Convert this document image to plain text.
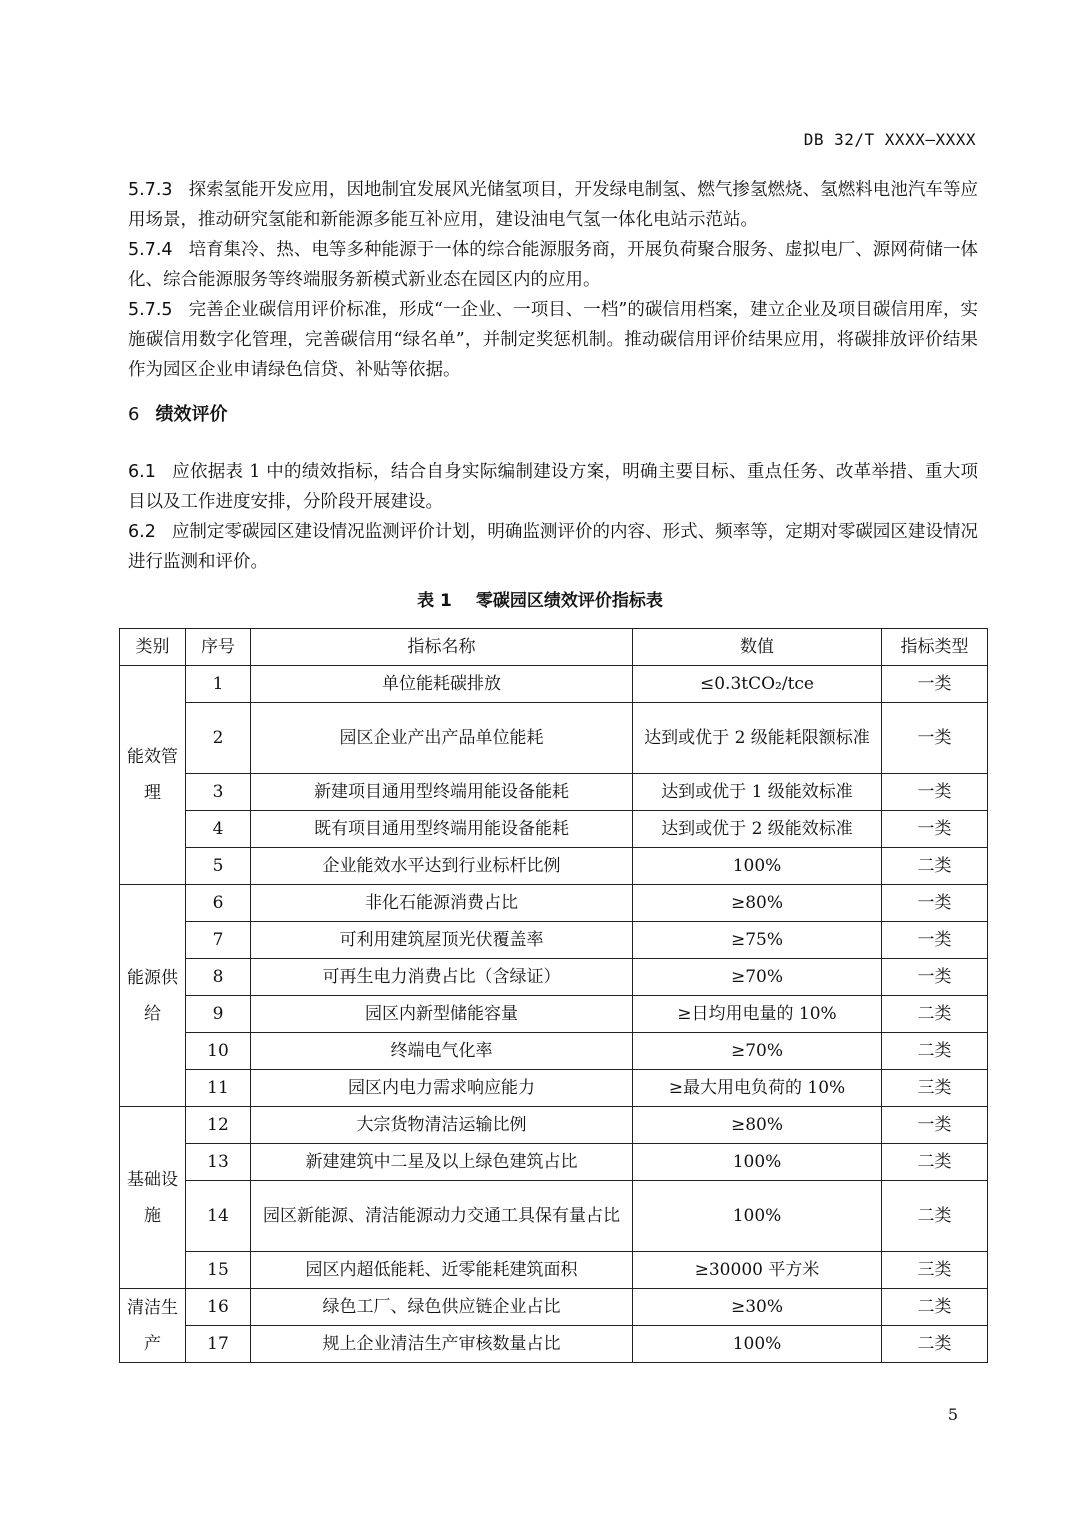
DB 32/T XXXX—XXXX

5.7.3 探索氢能开发应用，因地制宜发展风光储氢项目，开发绿电制氢、燃气掺氢燃烧、氢燃料电池汽车等应用场景，推动研究氢能和新能源多能互补应用，建设油电气氢一体化电站示范站。

5.7.4 培育集冷、热、电等多种能源于一体的综合能源服务商，开展负荷聚合服务、虚拟电厂、源网荷储一体化、综合能源服务等终端服务新模式新业态在园区内的应用。

5.7.5 完善企业碳信用评价标准，形成“一企业、一项目、一档”的碳信用档案，建立企业及项目碳信用库，实施碳信用数字化管理，完善碳信用“绿名单”，并制定奖惩机制。推动碳信用评价结果应用，将碳排放评价结果作为园区企业申请绿色信贷、补贴等依据。

6 绩效评价

6.1 应依据表 1 中的绩效指标，结合自身实际编制建设方案，明确主要目标、重点任务、改革举措、重大项目以及工作进度安排，分阶段开展建设。

6.2 应制定零碳园区建设情况监测评价计划，明确监测评价的内容、形式、频率等，定期对零碳园区建设情况进行监测和评价。

表 1 零碳园区绩效评价指标表
类别	序号	指标名称	数值	指标类型
能效管理	1	单位能耗碳排放	≤0.3tCO₂/tce	一类
	2	园区企业产出产品单位能耗	达到或优于 2 级能耗限额标准	一类
	3	新建项目通用型终端用能设备能耗	达到或优于 1 级能效标准	一类
	4	既有项目通用型终端用能设备能耗	达到或优于 2 级能效标准	一类
	5	企业能效水平达到行业标杆比例	100%	二类
能源供给	6	非化石能源消费占比	≥80%	一类
	7	可利用建筑屋顶光伏覆盖率	≥75%	一类
	8	可再生电力消费占比（含绿证）	≥70%	一类
	9	园区内新型储能容量	≥日均用电量的 10%	二类
	10	终端电气化率	≥70%	二类
	11	园区内电力需求响应能力	≥最大用电负荷的 10%	三类
基础设施	12	大宗货物清洁运输比例	≥80%	一类
	13	新建建筑中二星及以上绿色建筑占比	100%	二类
	14	园区新能源、清洁能源动力交通工具保有量占比	100%	二类
	15	园区内超低能耗、近零能耗建筑面积	≥30000 平方米	三类
清洁生产	16	绿色工厂、绿色供应链企业占比	≥30%	二类
	17	规上企业清洁生产审核数量占比	100%	二类
5
